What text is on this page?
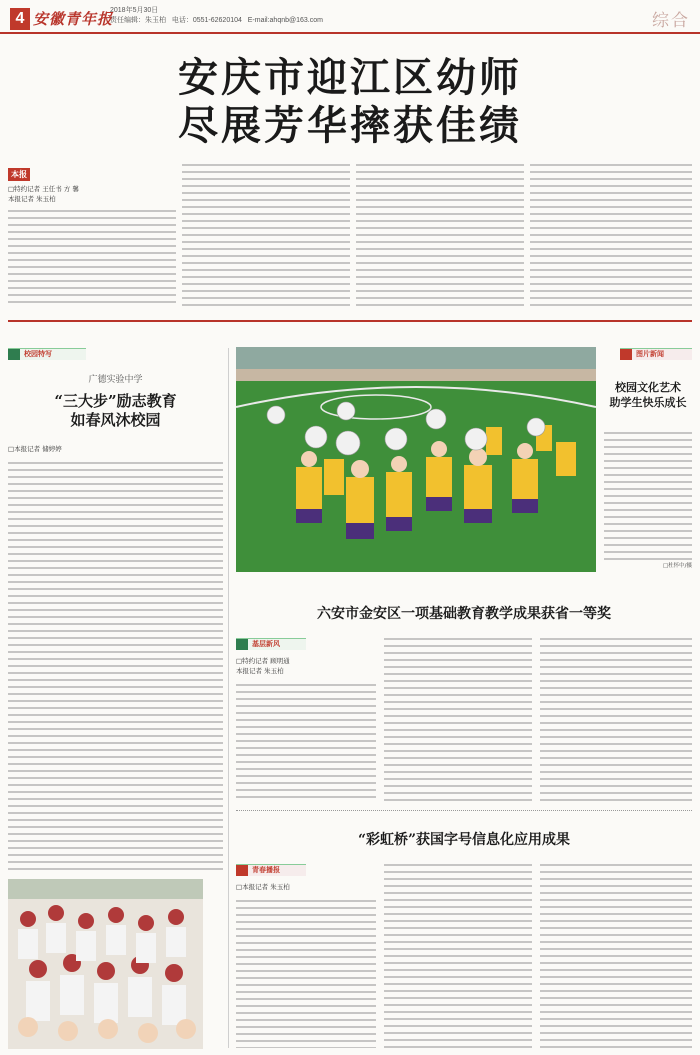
4 安徽青年报
2018年5月30日
责任编辑：朱玉柏 电话：0551-62620104 E-mail:ahqnb@163.com	综合
安庆市迎江区幼师
尽展芳华摔获佳绩
本报
□特约记者 王任书 方 馨
本报记者 朱玉柏
校园特写
广德实验中学
“三大步”励志教育
如春风沐校园
□本报记者 储婷婷
图片新闻
校园文化艺术
助学生快乐成长
□杜怀中/摄
六安市金安区一项基础教育教学成果获省一等奖
基层新风
□特约记者 顾明通
本报记者 朱玉柏
“彩虹桥”获国字号信息化应用成果
青春播报
□本报记者 朱玉柏
